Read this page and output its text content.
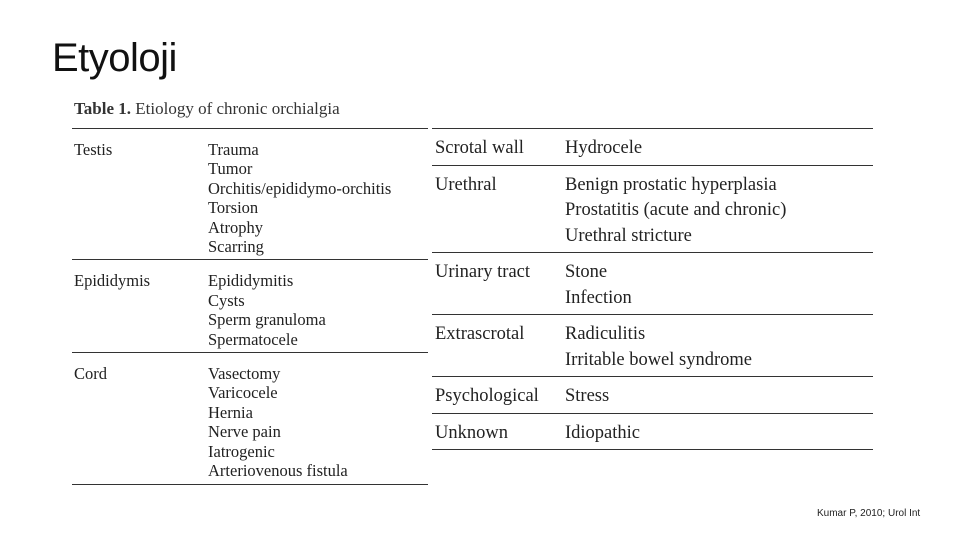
Etyoloji
Table 1. Etiology of chronic orchialgia
Testis	Trauma
Tumor
Orchitis/epididymo-orchitis
Torsion
Atrophy
Scarring
Epididymis	Epididymitis
Cysts
Sperm granuloma
Spermatocele
Cord	Vasectomy
Varicocele
Hernia
Nerve pain
Iatrogenic
Arteriovenous fistula
Scrotal wall	Hydrocele
Urethral	Benign prostatic hyperplasia
Prostatitis (acute and chronic)
Urethral stricture
Urinary tract	Stone
Infection
Extrascrotal	Radiculitis
Irritable bowel syndrome
Psychological	Stress
Unknown	Idiopathic
Kumar P, 2010; Urol Int
